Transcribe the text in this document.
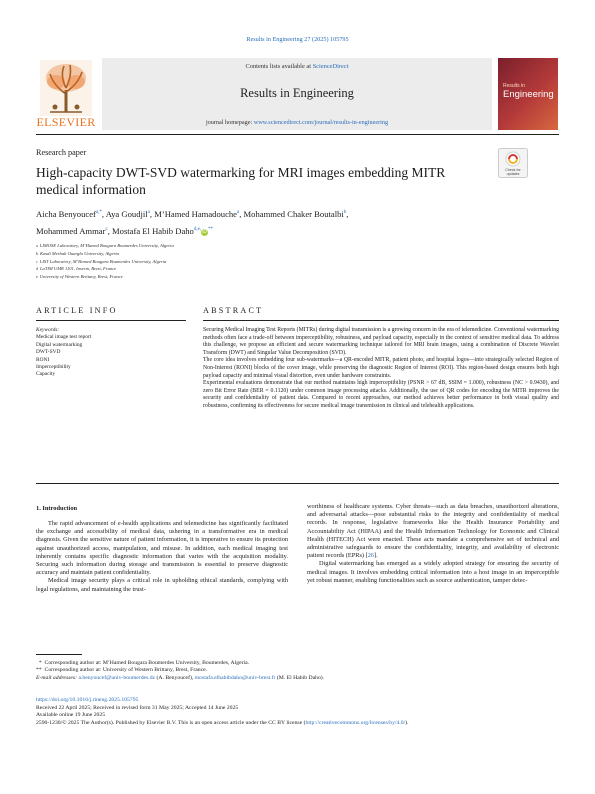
Results in Engineering 27 (2025) 105795
ELSEVIER
Contents lists available at ScienceDirect
Results in Engineering
journal homepage: www.sciencedirect.com/journal/results-in-engineering
Results in
Engineering
Research paper
High-capacity DWT-SVD watermarking for MRI images embedding MITR medical information
Check for
updates
Aicha Benyoucef$^{a,*}$, Aya Goudjil$^a$, M’Hamed Hamadouche$^a$, Mohammed Chaker Boutalbi$^b$,
Mohammed Ammar$^c$, Mostafa El Habib Daho$^{d,e,}$iD**
a LIMOSE Laboratory, M’Hamed Bougara Boumerdes University, Algeria
b Kasdi Merbah Ouargla University, Algeria
c LIST Laboratory, M’Hamed Bougara Boumerdes University, Algeria
d LaTIM UMR 1101, Inserm, Brest, France
e University of Western Brittany, Brest, France
ARTICLE INFO	ABSTRACT
Keywords:
Medical image test report
Digital watermarking
DWT-SVD
RONI
Imperceptibility
Capacity

Securing Medical Imaging Test Reports (MITRs) during digital transmission is a growing concern in the era of telemedicine. Conventional watermarking methods often face a trade-off between imperceptibility, robustness, and payload capacity, especially in the context of sensitive medical data. To address this challenge, we propose an efficient and secure watermarking technique tailored for MRI brain images, using a combination of Discrete Wavelet Transform (DWT) and Singular Value Decomposition (SVD).

The core idea involves embedding four sub-watermarks—a QR-encoded MITR, patient photo, and hospital logos—into strategically selected Region of Non-Interest (RONI) blocks of the cover image, while preserving the diagnostic Region of Interest (ROI). This region-based design ensures both high payload capacity and minimal visual distortion, even under hardware constraints.

Experimental evaluations demonstrate that our method maintains high imperceptibility (PSNR > 67 dB, SSIM = 1.000), robustness (NC > 0.9430), and zero Bit Error Rate (BER = 0.1120) under common image processing attacks. Additionally, the use of QR codes for encoding the MITR improves the security and confidentiality of patient data. Compared to recent approaches, our method achieves better performance in both visual quality and robustness, confirming its effectiveness for secure medical image transmission in clinical and telehealth applications.

1. Introduction

The rapid advancement of e-health applications and telemedicine has significantly facilitated the exchange and accessibility of medical data, ushering in a transformative era in medical diagnosis. Given the sensitive nature of patient information, it is imperative to ensure its protection against unauthorized access, manipulation, and misuse. In addition, each medical imaging test inherently contains specific diagnostic information that varies with the acquisition modality. Securing such information during storage and transmission is essential to preserve diagnostic accuracy and maintain patient confidentiality.

Medical image security plays a critical role in upholding ethical standards, complying with legal regulations, and maintaining the trust-

worthiness of healthcare systems. Cyber threats—such as data breaches, unauthorized alterations, and adversarial attacks—pose substantial risks to the integrity and confidentiality of medical records. In response, legislative frameworks like the Health Insurance Portability and Accountability Act (HIPAA) and the Health Information Technology for Economic and Clinical Health (HITECH) Act were enacted. These acts mandate a comprehensive set of technical and administrative safeguards to ensure the confidentiality, integrity, and availability of electronic patient records (EPRs) [26].

Digital watermarking has emerged as a widely adopted strategy for ensuring the security of medical images. It involves embedding critical information into a host image in an imperceptible yet robust manner, enabling functionalities such as source authentication, tamper detec-

*  Corresponding author at: M’Hamed Bougara Boumerdes University, Boumerdes, Algeria.
**  Corresponding author at: University of Western Brittany, Brest, France.
E-mail addresses: a.benyoucef@univ-boumerdes.dz (A. Benyoucef), mostafa.elhabibdaho@univ-brest.fr (M. El Habib Daho).
https://doi.org/10.1016/j.rineng.2025.105795
Received 22 April 2025; Received in revised form 31 May 2025; Accepted 14 June 2025
Available online 19 June 2025
2590-1230/© 2025 The Author(s). Published by Elsevier B.V. This is an open access article under the CC BY license (http://creativecommons.org/licenses/by/4.0/).
